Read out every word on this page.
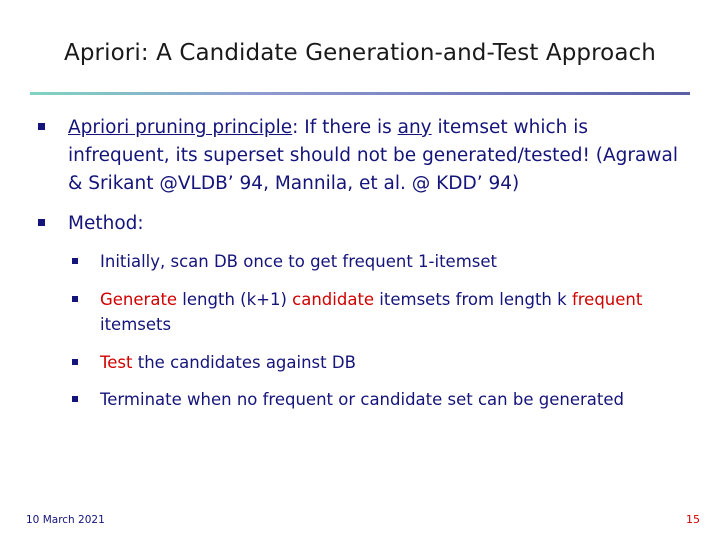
Apriori: A Candidate Generation-and-Test Approach
Apriori pruning principle: If there is any itemset which is infrequent, its superset should not be generated/tested! (Agrawal & Srikant @VLDB’ 94, Mannila, et al. @ KDD’ 94)
Method:
Initially, scan DB once to get frequent 1-itemset
Generate length (k+1) candidate itemsets from length k frequent itemsets
Test the candidates against DB
Terminate when no frequent or candidate set can be generated
10 March 2021	15
